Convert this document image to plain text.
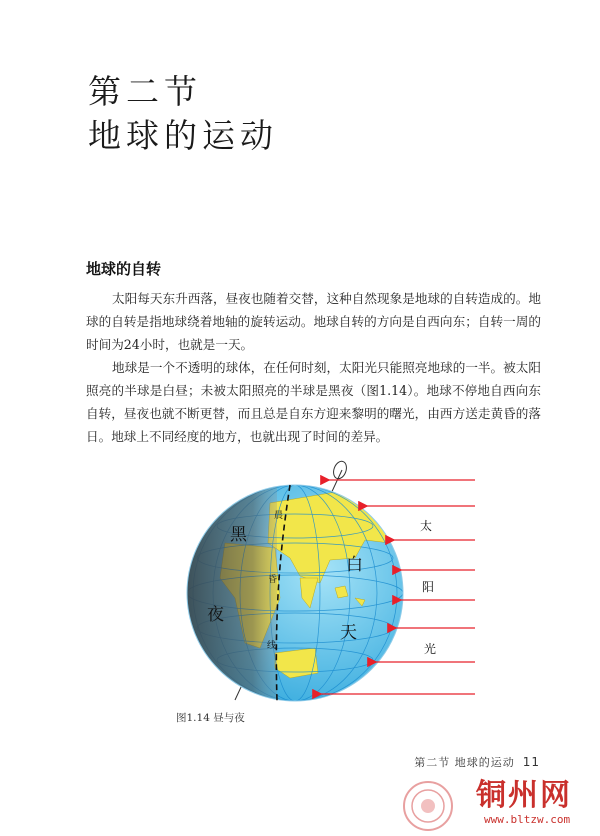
第二节
地球的运动
地球的自转
太阳每天东升西落，昼夜也随着交替，这种自然现象是地球的自转造成的。地球的自转是指地球绕着地轴的旋转运动。地球自转的方向是自西向东；自转一周的时间为24小时，也就是一天。
地球是一个不透明的球体，在任何时刻，太阳光只能照亮地球的一半。被太阳照亮的半球是白昼；未被太阳照亮的半球是黑夜（图1.14）。地球不停地自西向东自转，昼夜也就不断更替，而且总是自东方迎来黎明的曙光，由西方送走黄昏的落日。地球上不同经度的地方，也就出现了时间的差异。
黑
夜
白
天
晨
昏
线
太
阳
光
图1.14 昼与夜
第二节 地球的运动 11
铜州网
www.bltzw.com
